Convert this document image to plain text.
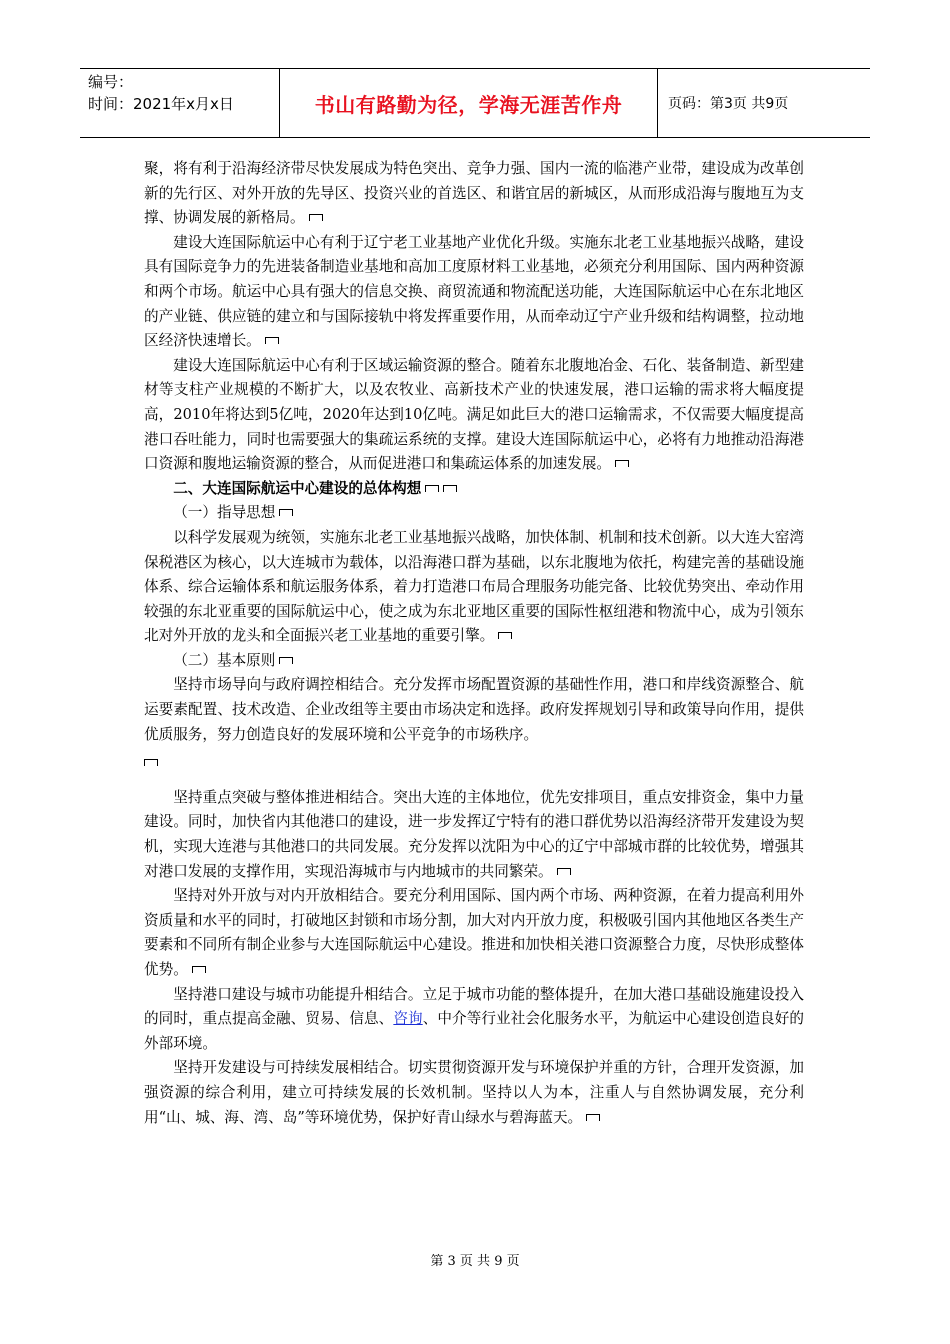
编号：
时间：2021年x月x日	书山有路勤为径，学海无涯苦作舟	页码：第3页 共9页

聚，将有利于沿海经济带尽快发展成为特色突出、竞争力强、国内一流的临港产业带，建设成为改革创新的先行区、对外开放的先导区、投资兴业的首选区、和谐宜居的新城区，从而形成沿海与腹地互为支撑、协调发展的新格局。

建设大连国际航运中心有利于辽宁老工业基地产业优化升级。实施东北老工业基地振兴战略，建设具有国际竞争力的先进装备制造业基地和高加工度原材料工业基地，必须充分利用国际、国内两种资源和两个市场。航运中心具有强大的信息交换、商贸流通和物流配送功能，大连国际航运中心在东北地区的产业链、供应链的建立和与国际接轨中将发挥重要作用，从而牵动辽宁产业升级和结构调整，拉动地区经济快速增长。

建设大连国际航运中心有利于区域运输资源的整合。随着东北腹地冶金、石化、装备制造、新型建材等支柱产业规模的不断扩大，以及农牧业、高新技术产业的快速发展，港口运输的需求将大幅度提高，2010年将达到5亿吨，2020年达到10亿吨。满足如此巨大的港口运输需求，不仅需要大幅度提高港口吞吐能力，同时也需要强大的集疏运系统的支撑。建设大连国际航运中心，必将有力地推动沿海港口资源和腹地运输资源的整合，从而促进港口和集疏运体系的加速发展。

二、大连国际航运中心建设的总体构想

（一）指导思想

以科学发展观为统领，实施东北老工业基地振兴战略，加快体制、机制和技术创新。以大连大窑湾保税港区为核心，以大连城市为载体，以沿海港口群为基础，以东北腹地为依托，构建完善的基础设施体系、综合运输体系和航运服务体系，着力打造港口布局合理服务功能完备、比较优势突出、牵动作用较强的东北亚重要的国际航运中心，使之成为东北亚地区重要的国际性枢纽港和物流中心，成为引领东北对外开放的龙头和全面振兴老工业基地的重要引擎。

（二）基本原则

坚持市场导向与政府调控相结合。充分发挥市场配置资源的基础性作用，港口和岸线资源整合、航运要素配置、技术改造、企业改组等主要由市场决定和选择。政府发挥规划引导和政策导向作用，提供优质服务，努力创造良好的发展环境和公平竞争的市场秩序。

坚持重点突破与整体推进相结合。突出大连的主体地位，优先安排项目，重点安排资金，集中力量建设。同时，加快省内其他港口的建设，进一步发挥辽宁特有的港口群优势以沿海经济带开发建设为契机，实现大连港与其他港口的共同发展。充分发挥以沈阳为中心的辽宁中部城市群的比较优势，增强其对港口发展的支撑作用，实现沿海城市与内地城市的共同繁荣。

坚持对外开放与对内开放相结合。要充分利用国际、国内两个市场、两种资源，在着力提高利用外资质量和水平的同时，打破地区封锁和市场分割，加大对内开放力度，积极吸引国内其他地区各类生产要素和不同所有制企业参与大连国际航运中心建设。推进和加快相关港口资源整合力度，尽快形成整体优势。

坚持港口建设与城市功能提升相结合。立足于城市功能的整体提升，在加大港口基础设施建设投入的同时，重点提高金融、贸易、信息、咨询、中介等行业社会化服务水平，为航运中心建设创造良好的外部环境。

坚持开发建设与可持续发展相结合。切实贯彻资源开发与环境保护并重的方针，合理开发资源，加强资源的综合利用，建立可持续发展的长效机制。坚持以人为本，注重人与自然协调发展，充分利用“山、城、海、湾、岛”等环境优势，保护好青山绿水与碧海蓝天。

第 3 页 共 9 页
